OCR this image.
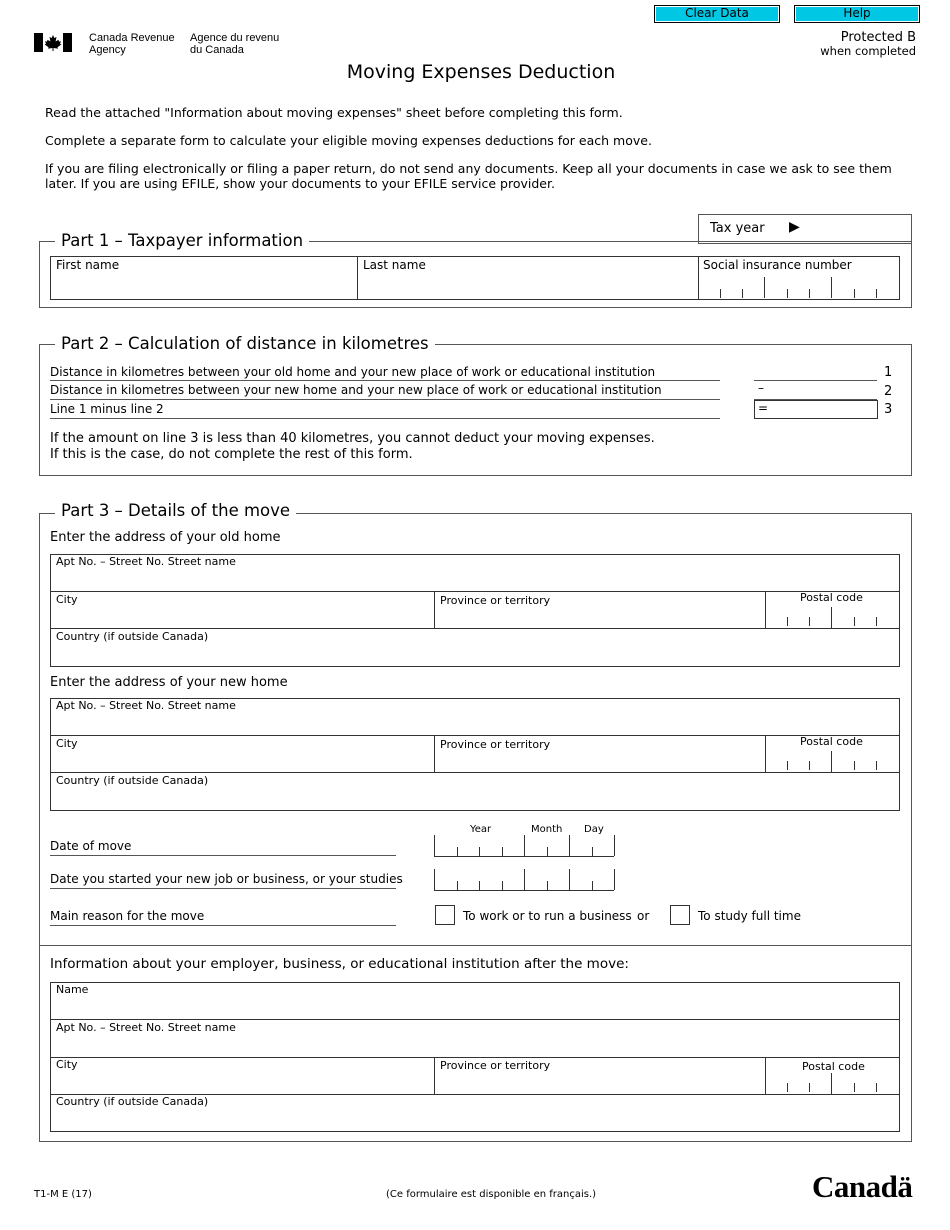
Clear Data	Help
Canada Revenue
Agency
Agence du revenu
du Canada
Protected B
when completed
Moving Expenses Deduction
Read the attached "Information about moving expenses" sheet before completing this form.
Complete a separate form to calculate your eligible moving expenses deductions for each move.
If you are filing electronically or filing a paper return, do not send any documents. Keep all your documents in case we ask to see them
later. If you are using EFILE, show your documents to your EFILE service provider.
Tax year ▶
Part 1 – Taxpayer information
First name	Last name	Social insurance number
Part 2 – Calculation of distance in kilometres
Distance in kilometres between your old home and your new place of work or educational institution	1
Distance in kilometres between your new home and your new place of work or educational institution	–	2
Line 1 minus line 2	=	3
If the amount on line 3 is less than 40 kilometres, you cannot deduct your moving expenses.
If this is the case, do not complete the rest of this form.
Part 3 – Details of the move
Enter the address of your old home
Apt No. – Street No. Street name
City	Province or territory	Postal code
Country (if outside Canada)
Enter the address of your new home
Apt No. – Street No. Street name
City	Province or territory	Postal code
Country (if outside Canada)
Year	Month Day
Date of move
Date you started your new job or business, or your studies
Main reason for the move	To work or to run a business or	To study full time
Information about your employer, business, or educational institution after the move:
Name
Apt No. – Street No. Street name
City	Province or territory	Postal code
Country (if outside Canada)
T1-M E (17)	(Ce formulaire est disponible en français.)	Canadä
